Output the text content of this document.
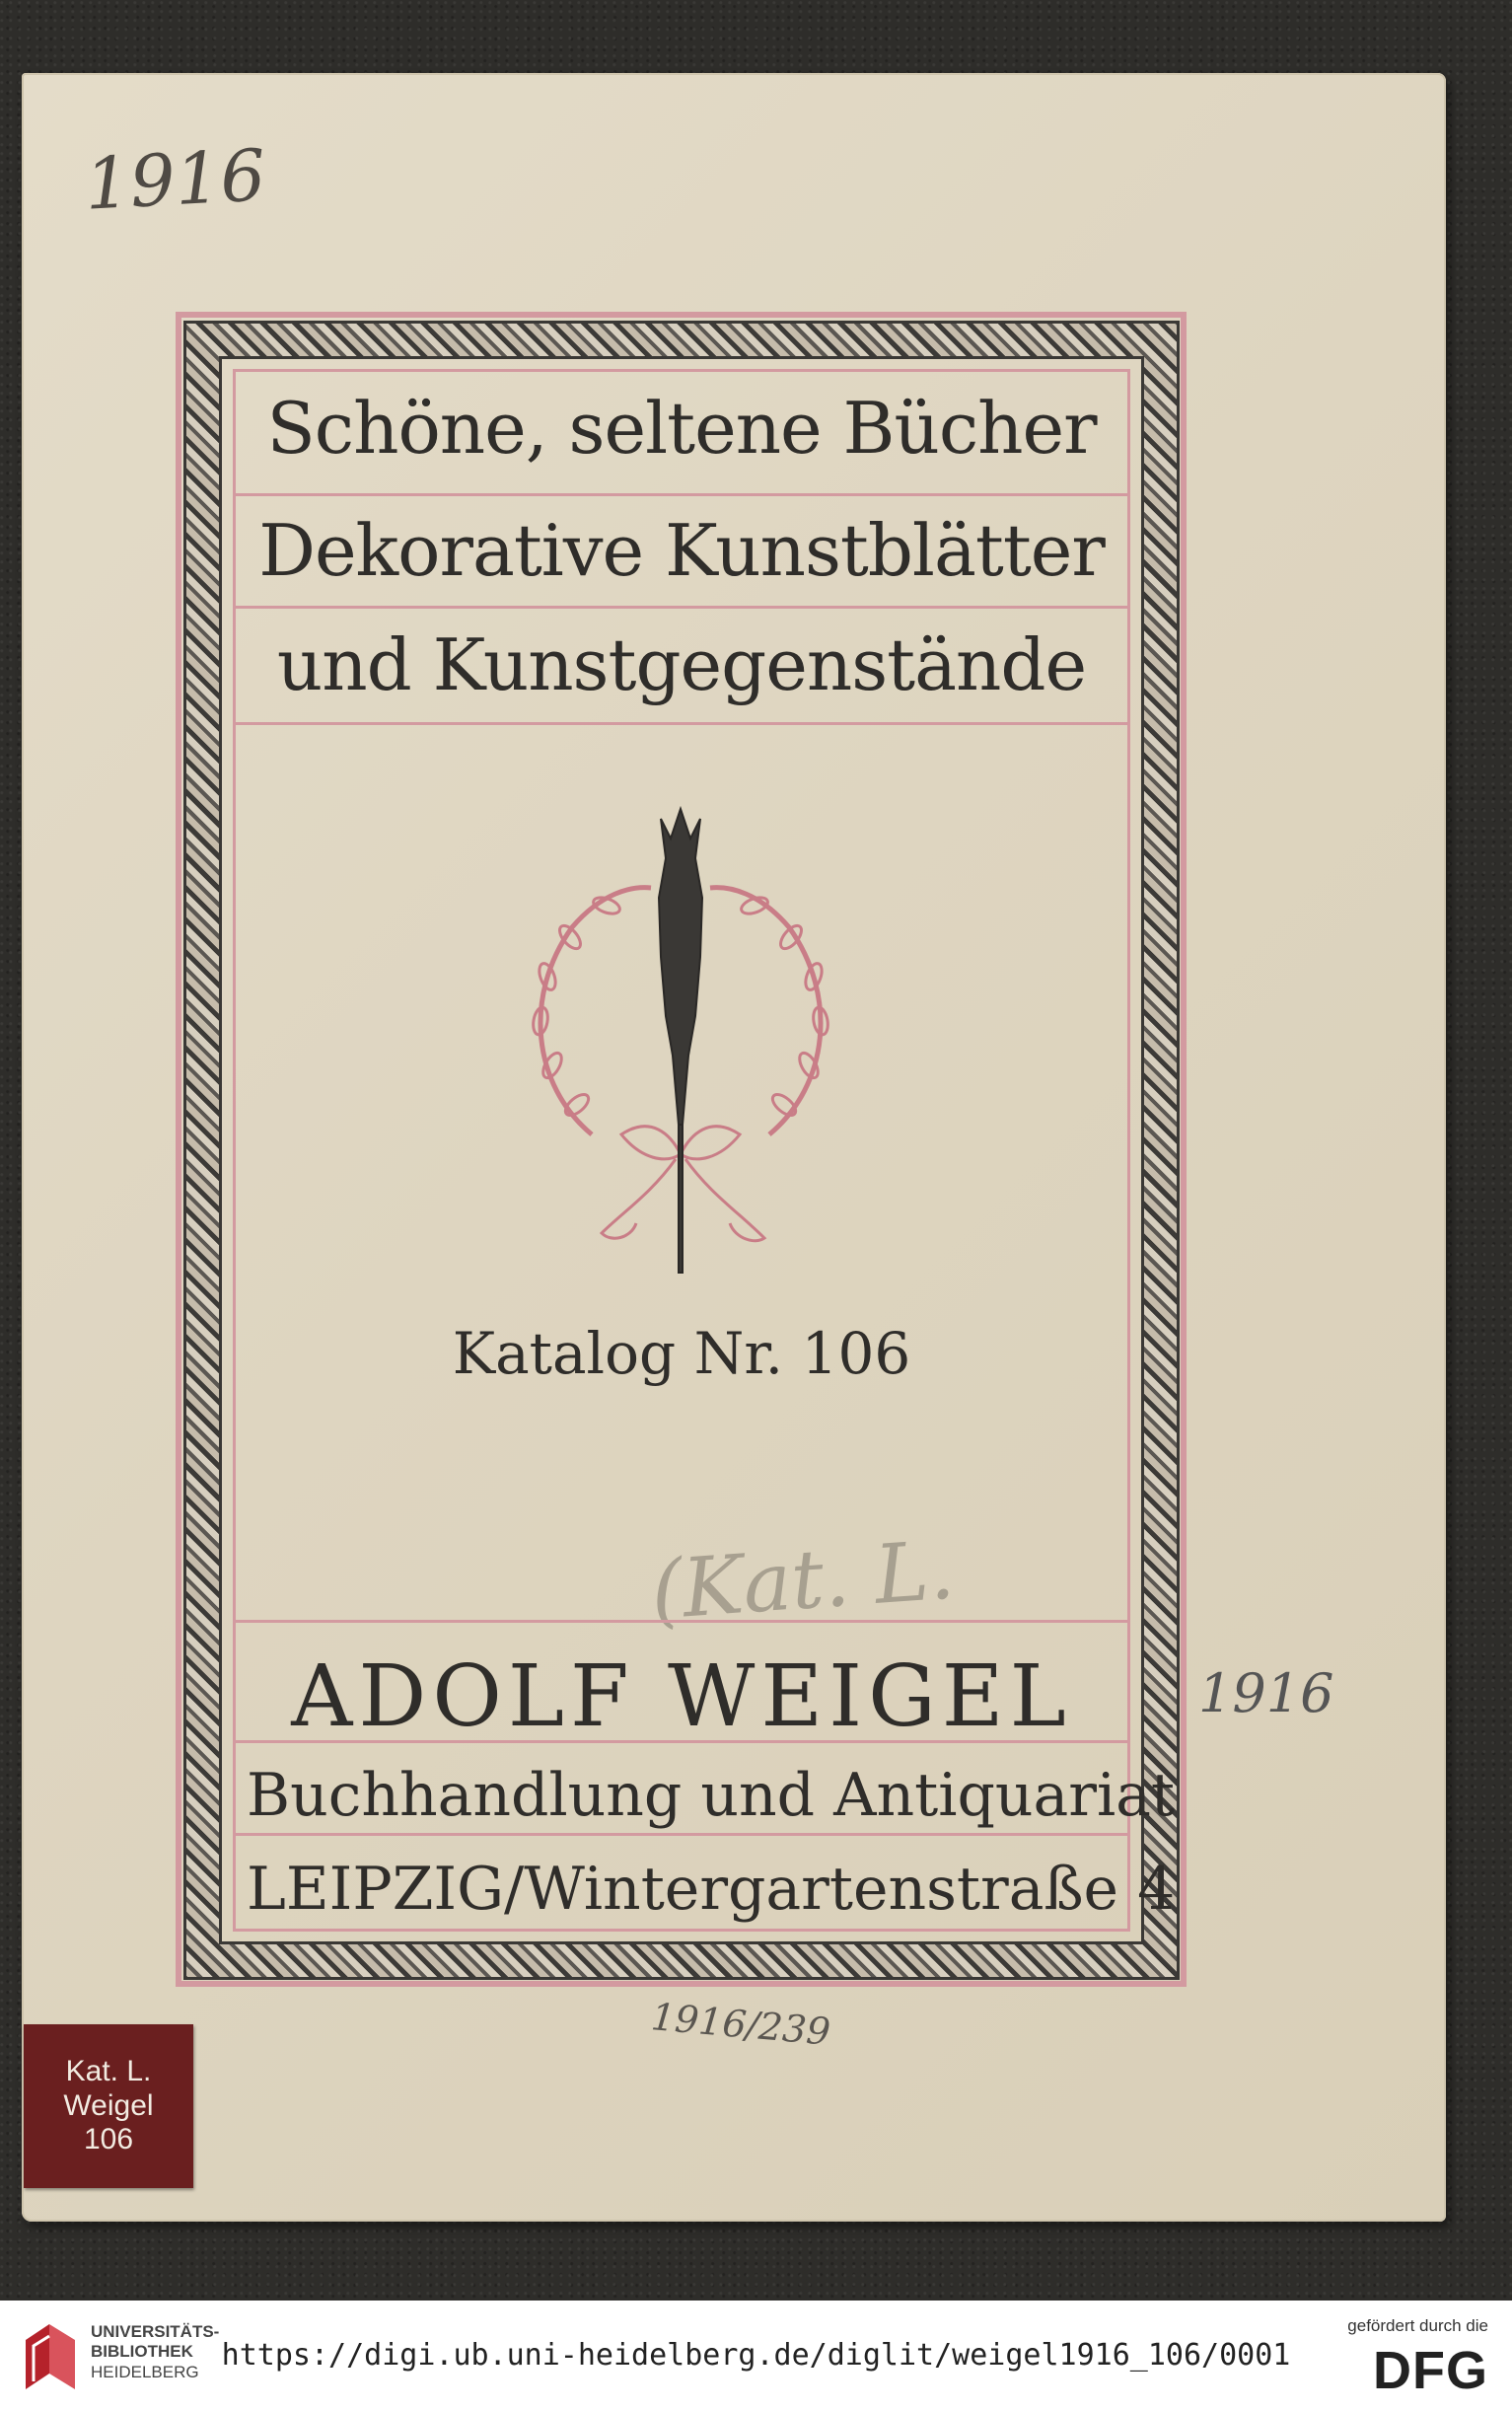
1916
1916
1916/239
Schöne, seltene Bücher
Dekorative Kunstblätter
und Kunstgegenstände
Katalog Nr. 106
ADOLF WEIGEL
Buchhandlung und Antiquariat
LEIPZIG/Wintergartenstraße 4
Kat. L.
Weigel
106
UNIVERSITÄTS-
BIBLIOTHEK
HEIDELBERG https://digi.ub.uni-heidelberg.de/diglit/weigel1916_106/0001
gefördert durch die
DFG
